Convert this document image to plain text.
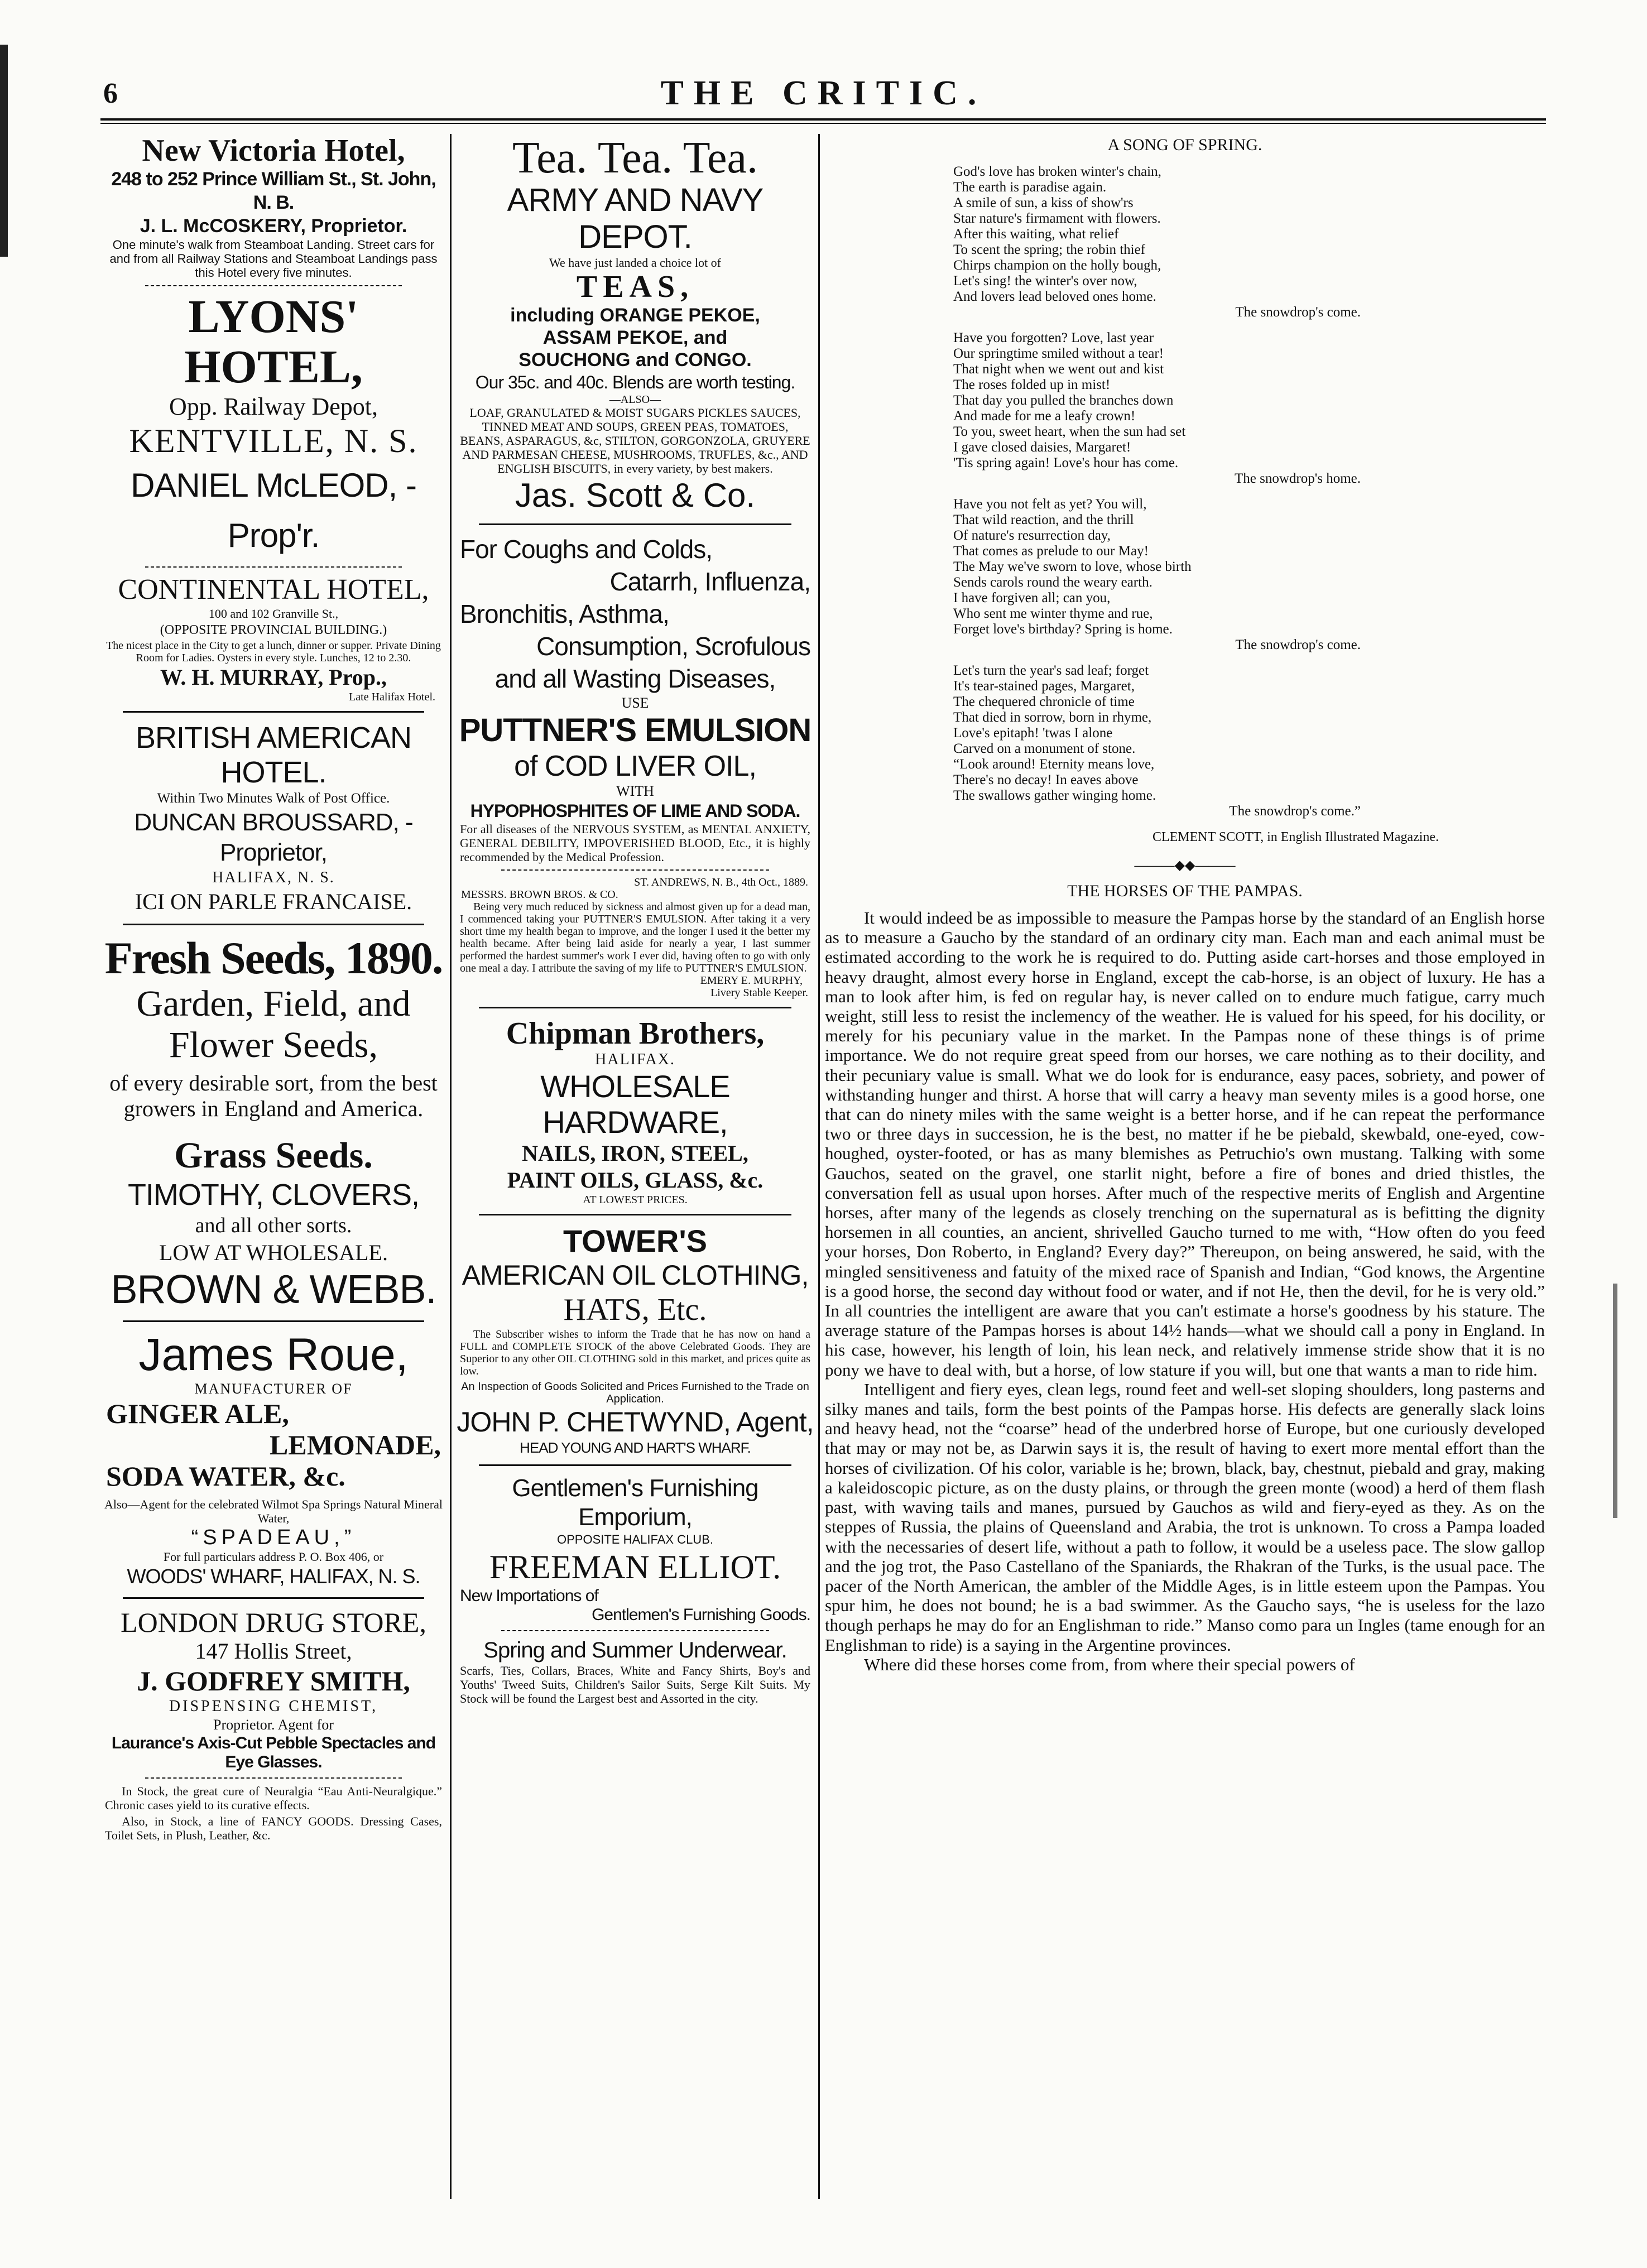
6	THE CRITIC.
New Victoria Hotel,
248 to 252 Prince William St., St. John, N. B.
J. L. McCOSKERY, Proprietor.
One minute's walk from Steamboat Landing. Street cars for and from all Railway Stations and Steamboat Landings pass this Hotel every five minutes.
LYONS' HOTEL,
Opp. Railway Depot,
KENTVILLE, N. S.
DANIEL McLEOD, - Prop'r.
CONTINENTAL HOTEL,
100 and 102 Granville St.,
(OPPOSITE PROVINCIAL BUILDING.)
The nicest place in the City to get a lunch, dinner or supper. Private Dining Room for Ladies. Oysters in every style. Lunches, 12 to 2.30.
W. H. MURRAY, Prop.,
Late Halifax Hotel.
BRITISH AMERICAN HOTEL.
Within Two Minutes Walk of Post Office.
DUNCAN BROUSSARD, - Proprietor,
HALIFAX, N. S.
ICI ON PARLE FRANCAISE.
Fresh Seeds, 1890.
Garden, Field, and
Flower Seeds,
of every desirable sort, from the best growers in England and America.
Grass Seeds.
TIMOTHY, CLOVERS,
and all other sorts.
LOW AT WHOLESALE.
BROWN & WEBB.
James Roue,
MANUFACTURER OF
GINGER ALE,
LEMONADE,
SODA WATER, &c.
Also—Agent for the celebrated Wilmot Spa Springs Natural Mineral Water,
“SPADEAU,”
For full particulars address P. O. Box 406, or
WOODS' WHARF, HALIFAX, N. S.
LONDON DRUG STORE,
147 Hollis Street,
J. GODFREY SMITH,
DISPENSING CHEMIST,
Proprietor. Agent for
Laurance's Axis-Cut Pebble Spectacles and Eye Glasses.
In Stock, the great cure of Neuralgia “Eau Anti-Neuralgique.” Chronic cases yield to its curative effects.
Also, in Stock, a line of FANCY GOODS. Dressing Cases, Toilet Sets, in Plush, Leather, &c.
Tea. Tea. Tea.
ARMY AND NAVY DEPOT.
We have just landed a choice lot of
TEAS,
including ORANGE PEKOE,
ASSAM PEKOE, and
SOUCHONG and CONGO.
Our 35c. and 40c. Blends are worth testing.
—ALSO—
LOAF, GRANULATED & MOIST SUGARS PICKLES SAUCES, TINNED MEAT AND SOUPS, GREEN PEAS, TOMATOES, BEANS, ASPARAGUS, &c, STILTON, GORGONZOLA, GRUYERE AND PARMESAN CHEESE, MUSHROOMS, TRUFLES, &c., AND ENGLISH BISCUITS, in every variety, by best makers.
Jas. Scott & Co.
For Coughs and Colds,
Catarrh, Influenza,
Bronchitis, Asthma,
Consumption, Scrofulous
and all Wasting Diseases,
USE
PUTTNER'S EMULSION
of COD LIVER OIL,
WITH
HYPOPHOSPHITES OF LIME AND SODA.
For all diseases of the NERVOUS SYSTEM, as MENTAL ANXIETY, GENERAL DEBILITY, IMPOVERISHED BLOOD, Etc., it is highly recommended by the Medical Profession.
ST. ANDREWS, N. B., 4th Oct., 1889.
MESSRS. BROWN BROS. & CO.
Being very much reduced by sickness and almost given up for a dead man, I commenced taking your PUTTNER'S EMULSION. After taking it a very short time my health began to improve, and the longer I used it the better my health became. After being laid aside for nearly a year, I last summer performed the hardest summer's work I ever did, having often to go with only one meal a day. I attribute the saving of my life to PUTTNER'S EMULSION.
EMERY E. MURPHY,
Livery Stable Keeper.
Chipman Brothers,
HALIFAX.
WHOLESALE HARDWARE,
NAILS, IRON, STEEL,
PAINT OILS, GLASS, &c.
AT LOWEST PRICES.
TOWER'S
AMERICAN OIL CLOTHING,
HATS, Etc.
The Subscriber wishes to inform the Trade that he has now on hand a FULL and COMPLETE STOCK of the above Celebrated Goods. They are Superior to any other OIL CLOTHING sold in this market, and prices quite as low.
An Inspection of Goods Solicited and Prices Furnished to the Trade on Application.
JOHN P. CHETWYND, Agent,
HEAD YOUNG AND HART'S WHARF.
Gentlemen's Furnishing Emporium,
OPPOSITE HALIFAX CLUB.
FREEMAN ELLIOT.
New Importations of
Gentlemen's Furnishing Goods.
Spring and Summer Underwear.
Scarfs, Ties, Collars, Braces, White and Fancy Shirts, Boy's and Youths' Tweed Suits, Children's Sailor Suits, Serge Kilt Suits. My Stock will be found the Largest best and Assorted in the city.
A SONG OF SPRING.
God's love has broken winter's chain,
The earth is paradise again.
A smile of sun, a kiss of show'rs
Star nature's firmament with flowers.
After this waiting, what relief
To scent the spring; the robin thief
Chirps champion on the holly bough,
Let's sing! the winter's over now,
And lovers lead beloved ones home.
The snowdrop's come.
Have you forgotten? Love, last year
Our springtime smiled without a tear!
That night when we went out and kist
The roses folded up in mist!
That day you pulled the branches down
And made for me a leafy crown!
To you, sweet heart, when the sun had set
I gave closed daisies, Margaret!
'Tis spring again! Love's hour has come.
The snowdrop's home.
Have you not felt as yet? You will,
That wild reaction, and the thrill
Of nature's resurrection day,
That comes as prelude to our May!
The May we've sworn to love, whose birth
Sends carols round the weary earth.
I have forgiven all; can you,
Who sent me winter thyme and rue,
Forget love's birthday? Spring is home.
The snowdrop's come.
Let's turn the year's sad leaf; forget
It's tear-stained pages, Margaret,
The chequered chronicle of time
That died in sorrow, born in rhyme,
Love's epitaph! 'twas I alone
Carved on a monument of stone.
“Look around! Eternity means love,
There's no decay! In eaves above
The swallows gather winging home.
The snowdrop's come.”
CLEMENT SCOTT, in English Illustrated Magazine.
———◆◆———
THE HORSES OF THE PAMPAS.

It would indeed be as impossible to measure the Pampas horse by the standard of an English horse as to measure a Gaucho by the standard of an ordinary city man. Each man and each animal must be estimated according to the work he is required to do. Putting aside cart-horses and those employed in heavy draught, almost every horse in England, except the cab-horse, is an object of luxury. He has a man to look after him, is fed on regular hay, is never called on to endure much fatigue, carry much weight, still less to resist the inclemency of the weather. He is valued for his speed, for his docility, or merely for his pecuniary value in the market. In the Pampas none of these things is of prime importance. We do not require great speed from our horses, we care nothing as to their docility, and their pecuniary value is small. What we do look for is endurance, easy paces, sobriety, and power of withstanding hunger and thirst. A horse that will carry a heavy man seventy miles is a good horse, one that can do ninety miles with the same weight is a better horse, and if he can repeat the performance two or three days in succession, he is the best, no matter if he be piebald, skewbald, one-eyed, cow-houghed, oyster-footed, or has as many blemishes as Petruchio's own mustang. Talking with some Gauchos, seated on the gravel, one starlit night, before a fire of bones and dried thistles, the conversation fell as usual upon horses. After much of the respective merits of English and Argentine horses, after many of the legends as closely trenching on the supernatural as is befitting the dignity horsemen in all counties, an ancient, shrivelled Gaucho turned to me with, “How often do you feed your horses, Don Roberto, in England? Every day?” Thereupon, on being answered, he said, with the mingled sensitiveness and fatuity of the mixed race of Spanish and Indian, “God knows, the Argentine is a good horse, the second day without food or water, and if not He, then the devil, for he is very old.” In all countries the intelligent are aware that you can't estimate a horse's goodness by his stature. The average stature of the Pampas horses is about 14½ hands—what we should call a pony in England. In his case, however, his length of loin, his lean neck, and relatively immense stride show that it is no pony we have to deal with, but a horse, of low stature if you will, but one that wants a man to ride him.

Intelligent and fiery eyes, clean legs, round feet and well-set sloping shoulders, long pasterns and silky manes and tails, form the best points of the Pampas horse. His defects are generally slack loins and heavy head, not the “coarse” head of the underbred horse of Europe, but one curiously developed that may or may not be, as Darwin says it is, the result of having to exert more mental effort than the horses of civilization. Of his color, variable is he; brown, black, bay, chestnut, piebald and gray, making a kaleidoscopic picture, as on the dusty plains, or through the green monte (wood) a herd of them flash past, with waving tails and manes, pursued by Gauchos as wild and fiery-eyed as they. As on the steppes of Russia, the plains of Queensland and Arabia, the trot is unknown. To cross a Pampa loaded with the necessaries of desert life, without a path to follow, it would be a useless pace. The slow gallop and the jog trot, the Paso Castellano of the Spaniards, the Rhakran of the Turks, is the usual pace. The pacer of the North American, the ambler of the Middle Ages, is in little esteem upon the Pampas. You spur him, he does not bound; he is a bad swimmer. As the Gaucho says, “he is useless for the lazo though perhaps he may do for an Englishman to ride.” Manso como para un Ingles (tame enough for an Englishman to ride) is a saying in the Argentine provinces.

Where did these horses come from, from where their special powers of
